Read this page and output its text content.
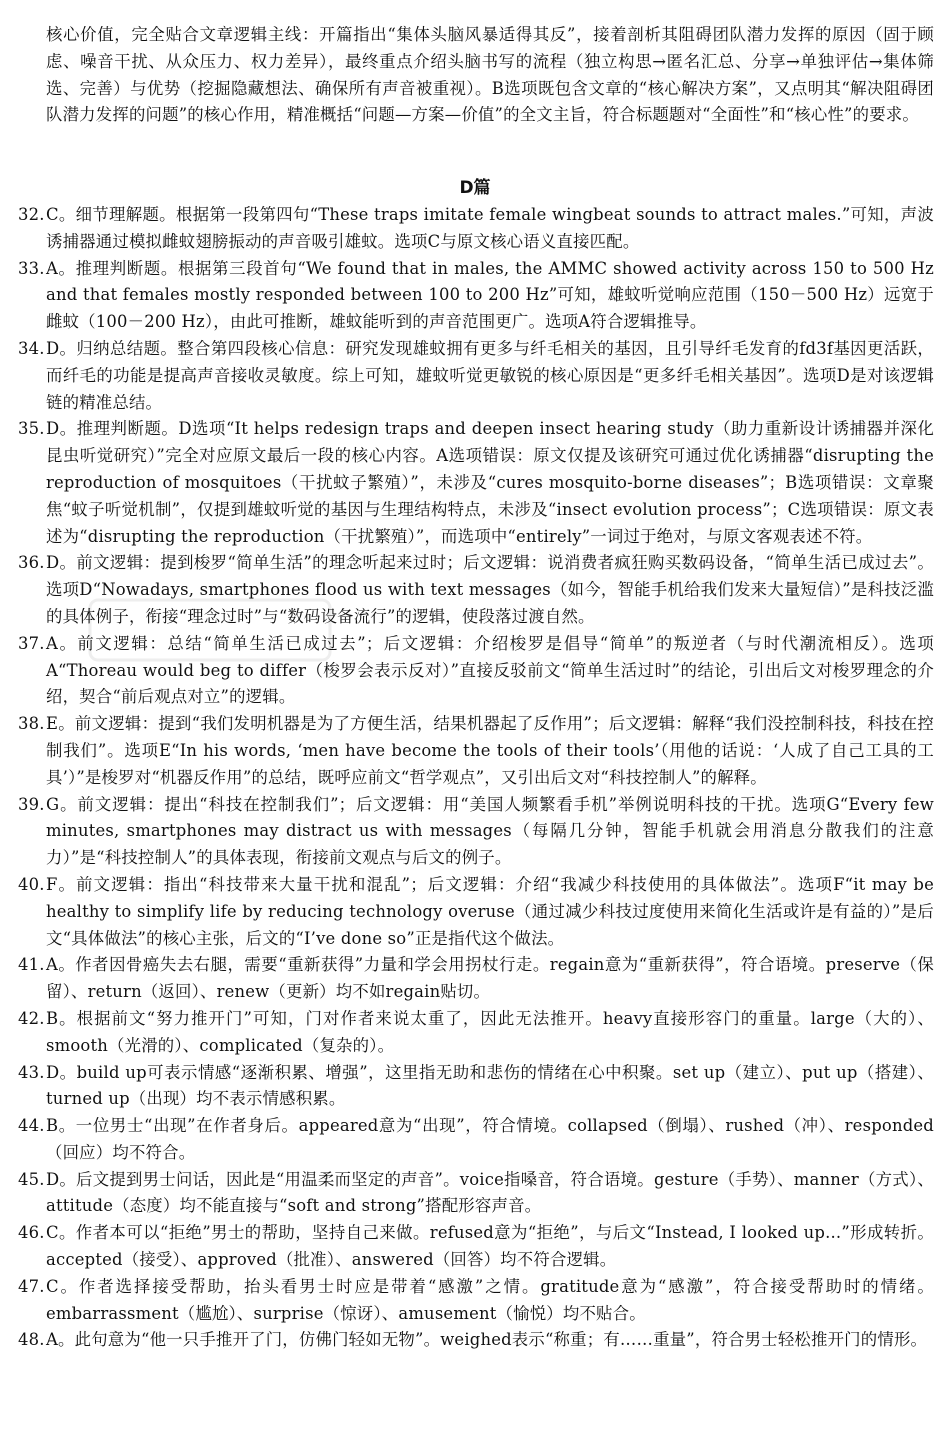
核心价值，完全贴合文章逻辑主线：开篇指出“集体头脑风暴适得其反”，接着剖析其阻碍团队潜力发挥的原因（固于顾虑、噪音干扰、从众压力、权力差异），最终重点介绍头脑书写的流程（独立构思→匿名汇总、分享→单独评估→集体筛选、完善）与优势（挖掘隐藏想法、确保所有声音被重视）。B选项既包含文章的“核心解决方案”，又点明其“解决阻碍团队潜力发挥的问题”的核心作用，精准概括“问题—方案—价值”的全文主旨，符合标题题对“全面性”和“核心性”的要求。
D篇
32. C。细节理解题。根据第一段第四句“These traps imitate female wingbeat sounds to attract males.”可知，声波诱捕器通过模拟雌蚊翅膀振动的声音吸引雄蚊。选项C与原文核心语义直接匹配。
33. A。推理判断题。根据第三段首句“We found that in males, the AMMC showed activity across 150 to 500 Hz and that females mostly responded between 100 to 200 Hz”可知，雄蚊听觉响应范围（150－500 Hz）远宽于雌蚊（100－200 Hz），由此可推断，雄蚊能听到的声音范围更广。选项A符合逻辑推导。
34. D。归纳总结题。整合第四段核心信息：研究发现雄蚊拥有更多与纤毛相关的基因，且引导纤毛发育的fd3f基因更活跃，而纤毛的功能是提高声音接收灵敏度。综上可知，雄蚊听觉更敏锐的核心原因是“更多纤毛相关基因”。选项D是对该逻辑链的精准总结。
35. D。推理判断题。D选项“It helps redesign traps and deepen insect hearing study（助力重新设计诱捕器并深化昆虫听觉研究）”完全对应原文最后一段的核心内容。A选项错误：原文仅提及该研究可通过优化诱捕器“disrupting the reproduction of mosquitoes（干扰蚊子繁殖）”，未涉及“cures mosquito-borne diseases”；B选项错误：文章聚焦“蚊子听觉机制”，仅提到雄蚊听觉的基因与生理结构特点，未涉及“insect evolution process”；C选项错误：原文表述为“disrupting the reproduction（干扰繁殖）”，而选项中“entirely”一词过于绝对，与原文客观表述不符。
36. D。前文逻辑：提到梭罗“简单生活”的理念听起来过时；后文逻辑：说消费者疯狂购买数码设备，“简单生活已成过去”。选项D“Nowadays, smartphones flood us with text messages（如今，智能手机给我们发来大量短信）”是科技泛滥的具体例子，衔接“理念过时”与“数码设备流行”的逻辑，使段落过渡自然。
37. A。前文逻辑：总结“简单生活已成过去”；后文逻辑：介绍梭罗是倡导“简单”的叛逆者（与时代潮流相反）。选项A“Thoreau would beg to differ（梭罗会表示反对）”直接反驳前文“简单生活过时”的结论，引出后文对梭罗理念的介绍，契合“前后观点对立”的逻辑。
38. E。前文逻辑：提到“我们发明机器是为了方便生活，结果机器起了反作用”；后文逻辑：解释“我们没控制科技，科技在控制我们”。选项E“In his words, ‘men have become the tools of their tools’（用他的话说：‘人成了自己工具的工具’）”是梭罗对“机器反作用”的总结，既呼应前文“哲学观点”，又引出后文对“科技控制人”的解释。
39. G。前文逻辑：提出“科技在控制我们”；后文逻辑：用“美国人频繁看手机”举例说明科技的干扰。选项G“Every few minutes, smartphones may distract us with messages（每隔几分钟，智能手机就会用消息分散我们的注意力）”是“科技控制人”的具体表现，衔接前文观点与后文的例子。
40. F。前文逻辑：指出“科技带来大量干扰和混乱”；后文逻辑：介绍“我减少科技使用的具体做法”。选项F“it may be healthy to simplify life by reducing technology overuse（通过减少科技过度使用来简化生活或许是有益的）”是后文“具体做法”的核心主张，后文的“I’ve done so”正是指代这个做法。
41. A。作者因骨癌失去右腿，需要“重新获得”力量和学会用拐杖行走。regain意为“重新获得”，符合语境。preserve（保留）、return（返回）、renew（更新）均不如regain贴切。
42. B。根据前文“努力推开门”可知，门对作者来说太重了，因此无法推开。heavy直接形容门的重量。large（大的）、smooth（光滑的）、complicated（复杂的）。
43. D。build up可表示情感“逐渐积累、增强”，这里指无助和悲伤的情绪在心中积聚。set up（建立）、put up（搭建）、turned up（出现）均不表示情感积累。
44. B。一位男士“出现”在作者身后。appeared意为“出现”，符合情境。collapsed（倒塌）、rushed（冲）、responded（回应）均不符合。
45. D。后文提到男士问话，因此是“用温柔而坚定的声音”。voice指嗓音，符合语境。gesture（手势）、manner（方式）、attitude（态度）均不能直接与“soft and strong”搭配形容声音。
46. C。作者本可以“拒绝”男士的帮助，坚持自己来做。refused意为“拒绝”，与后文“Instead, I looked up...”形成转折。accepted（接受）、approved（批准）、answered（回答）均不符合逻辑。
47. C。作者选择接受帮助，抬头看男士时应是带着“感激”之情。gratitude意为“感激”，符合接受帮助时的情绪。embarrassment（尴尬）、surprise（惊讶）、amusement（愉悦）均不贴合。
48. A。此句意为“他一只手推开了门，仿佛门轻如无物”。weighed表示“称重；有……重量”，符合男士轻松推开门的情形。
